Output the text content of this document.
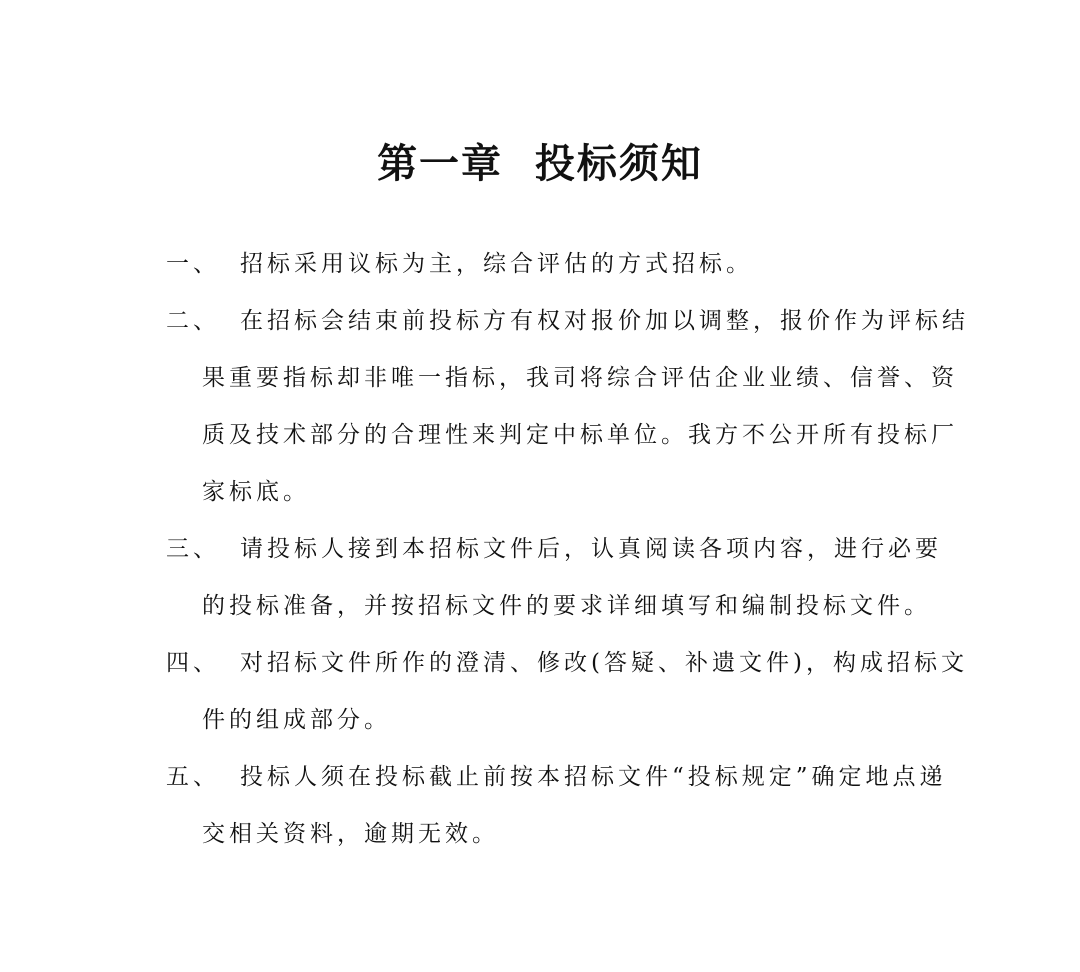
第一章  投标须知
一、 招标采用议标为主，综合评估的方式招标。
二、 在招标会结束前投标方有权对报价加以调整，报价作为评标结
果重要指标却非唯一指标，我司将综合评估企业业绩、信誉、资
质及技术部分的合理性来判定中标单位。我方不公开所有投标厂
家标底。
三、 请投标人接到本招标文件后，认真阅读各项内容，进行必要
的投标准备，并按招标文件的要求详细填写和编制投标文件。
四、 对招标文件所作的澄清、修改(答疑、补遗文件)，构成招标文
件的组成部分。
五、 投标人须在投标截止前按本招标文件“投标规定”确定地点递
交相关资料，逾期无效。
